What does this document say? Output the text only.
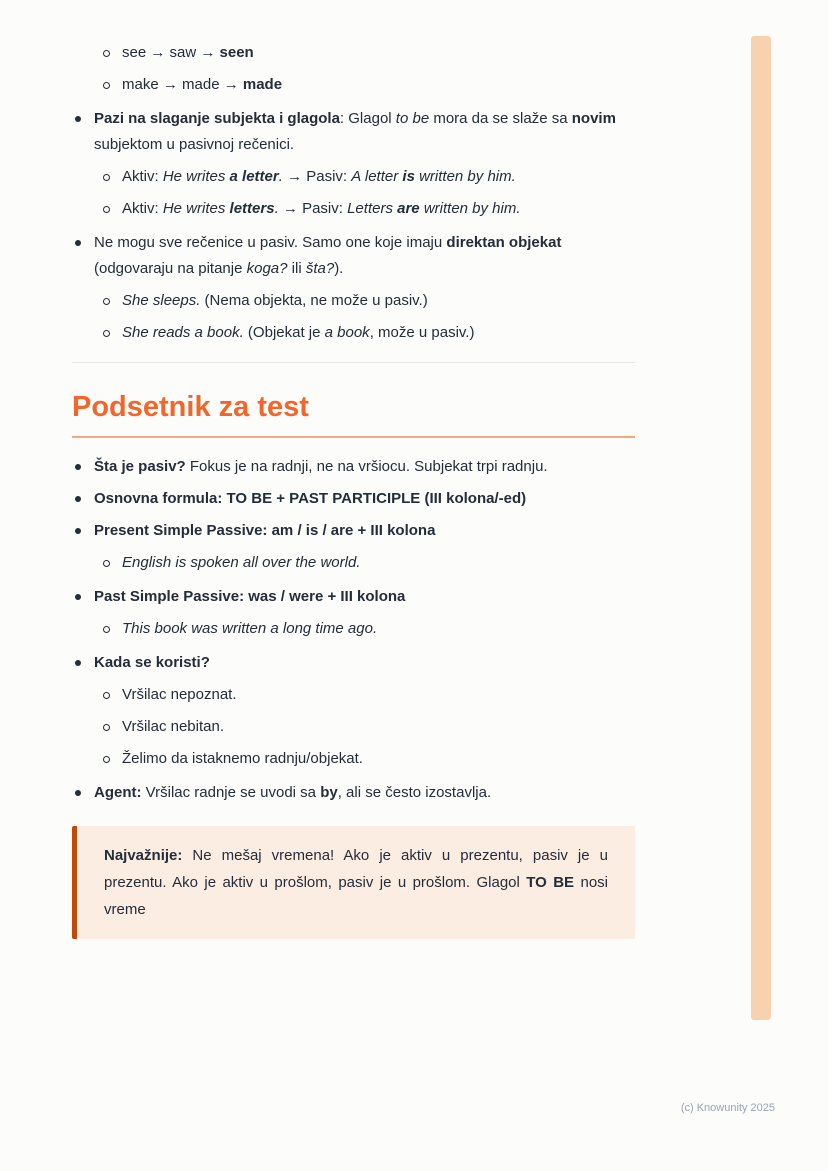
see → saw → seen

make → made → made

Pazi na slaganje subjekta i glagola: Glagol to be mora da se slaže sa novim subjektom u pasivnoj rečenici.

Aktiv: He writes a letter. → Pasiv: A letter is written by him.

Aktiv: He writes letters. → Pasiv: Letters are written by him.

Ne mogu sve rečenice u pasiv. Samo one koje imaju direktan objekat (odgovaraju na pitanje koga? ili šta?).

She sleeps. (Nema objekta, ne može u pasiv.)

She reads a book. (Objekat je a book, može u pasiv.)

Podsetnik za test

Šta je pasiv? Fokus je na radnji, ne na vršiocu. Subjekat trpi radnju.

Osnovna formula: TO BE + PAST PARTICIPLE (III kolona/-ed)

Present Simple Passive: am / is / are + III kolona

English is spoken all over the world.

Past Simple Passive: was / were + III kolona

This book was written a long time ago.

Kada se koristi?

Vršilac nepoznat.

Vršilac nebitan.

Želimo da istaknemo radnju/objekat.

Agent: Vršilac radnje se uvodi sa by, ali se često izostavlja.

Najvažnije: Ne mešaj vremena! Ako je aktiv u prezentu, pasiv je u prezentu. Ako je aktiv u prošlom, pasiv je u prošlom. Glagol TO BE nosi vreme

(c) Knowunity 2025
